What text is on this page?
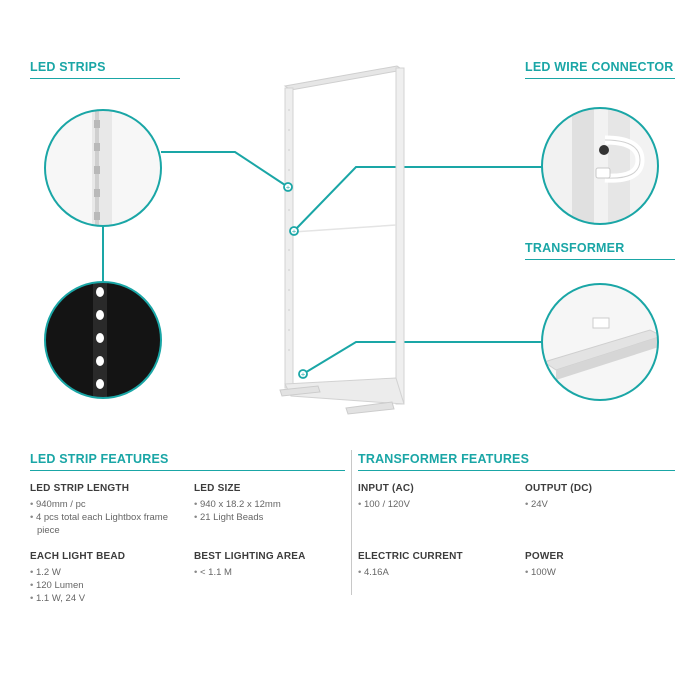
+
+
+
LED STRIPS	LED WIRE CONNECTOR
TRANSFORMER
LED STRIP FEATURES	TRANSFORMER FEATURES
LED STRIP LENGTH
• 940mm / pc
• 4 pcs total each Lightbox frame piece
LED SIZE
• 940 x 18.2 x 12mm
• 21 Light Beads
EACH LIGHT BEAD
• 1.2 W
• 120 Lumen
• 1.1 W, 24 V
BEST LIGHTING AREA
• < 1.1 M
INPUT (AC)
• 100 / 120V
OUTPUT (DC)
• 24V
ELECTRIC CURRENT
• 4.16A
POWER
• 100W
